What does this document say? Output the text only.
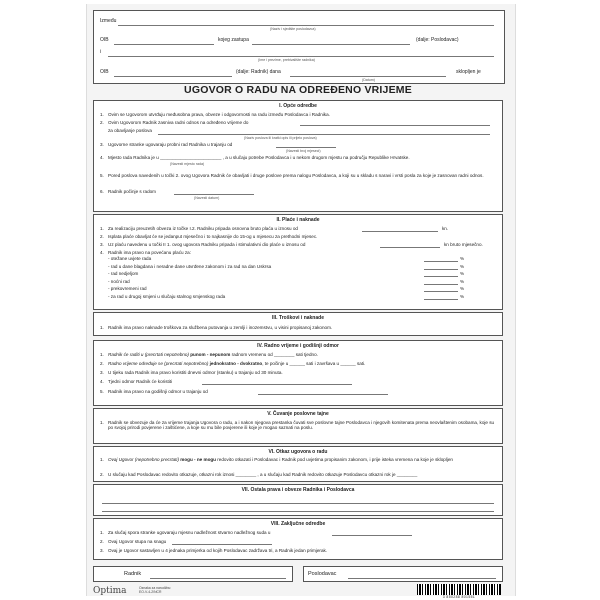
Između
(Naziv i sjedište poslodavca)
OIB	kojeg zastupa	(dalje: Poslodavac)
i
(Ime i prezime, prebivalište radnika)
OIB	(dalje: Radnik) dana
(Datum)
sklopljen je
UGOVOR O RADU NA ODREĐENO VRIJEME
I. Opće odredbe
1. Ovim se Ugovorom utvrđuju međusobna prava, obveze i odgovornosti na radu između Poslodavca i Radnika.
2. Ovim Ugovorom Radnik zasniva radni odnos na određeno vrijeme do
za obavljanje poslova
(Naziv poslova ili kratki opis ili prijelo poslova)
3. Ugovorne stranke ugovaraju probni rad Radnika u trajanju od
(Navesti broj mjeseci)
4. Mjesto rada Radnika je u ________________________ , a u slučaju potrebe Poslodavca i u nekom drugom mjestu na području Republike Hrvatske.
(Navesti mjesto rada)
5. Pored poslova navedenih u točki 2. ovog Ugovora Radnik će obavljati i druge poslove prema nalogu Poslodavca, a koji su u skladu s naravi i vrsti posla za koje je zasnovan radni odnos.
6. Radnik počinje s radom
(Navesti datum)
II. Plaće i naknade
1. Za realizaciju preuzetih obveza iz točke I.2. Radniku pripada osnovna bruto plaća u iznosu od	kn.
2. Isplata plaće obavljat će se jedanput mjesečno i to najkasnije do 15-og u mjesecu za prethodni mjesec.
3. Uz plaću navedenu u točki II 1. ovog ugovora Radniku pripada i stimulativni dio plaće u iznosu od	kn bruto mjesečno.
4. Radnik ima pravo na povećanu plaću za:
- otežane uvjete rada	%
- rad u dane blagdana i neradne dane utvrđene zakonom i za rad na dan Uskrsa	%
- rad nedjeljom	%
- noćni rad	%
- prekovremeni rad	%
- za rad u drugoj smjeni u slučaju stalnog smjenskog rada	%
III. Troškovi i naknade
1. Radnik ima pravo naknade troškova za službena putovanja u zemlji i inozemstvu, u visini propisanoj zakonom.
IV. Radno vrijeme i godišnji odmor
1. Radnik će raditi u (precrtati nepotrebno) punom - nepunom radnom vremenu od ________ sati tjedno.
2. Radno vrijeme određuje se (precrtati nepotrebno) jednokratno - dvokratno, te počinje u ______ sati i završava u ______ sati.
3. U tijeku rada Radnik ima pravo koristiti dnevni odmor (stanku) u trajanju od 30 minuta.
4. Tjedni odmor Radnik će koristiti
5. Radnik ima pravo na godišnji odmor u trajanju od
V. Čuvanje poslovne tajne
1. Radnik se obvezuje da će za vrijeme trajanja Ugovora o radu, a i nakon njegova prestanka čuvati sve poslovne tajne Poslodavca i njegovih komitenata prema neovlaštenim osobama, koje su po svojoj prirodi povjerene i zaštićene, a koje su mu bile povjerene ili koje je mogao saznati na poslu.
VI. Otkaz ugovora o radu
1. Ovaj Ugovor (nepotrebno precrtati) mogu - ne mogu redovito otkazati i Poslodavac i Radnik pod uvjetima propisanim zakonom, i prije isteka vremena na koje je sklopljen
2. U slučaju kad Poslodavac redovito otkazuje, otkazni rok iznosi ________ , a u slučaju kad Radnik redovito otkazuje Poslodavcu otkazni rok je ________
VII. Ostala prava i obveze Radnika i Poslodavca
VIII. Zaključne odredbe
1. Za slučaj spora stranke ugovaraju mjesnu nadležnost stvarno nadležnog suda u
2. Ovaj Ugovor stupa na snagu
3. Ovaj je Ugovor sastavljen u 4 jednaka primjerka od kojih Poslodavac zadržava tri, a Radnik jedan primjerak.
Radnik	Poslodavac
Optima	Oznaka za narudžbu:
EO-V-4-2/NCR
3 850288 801551
